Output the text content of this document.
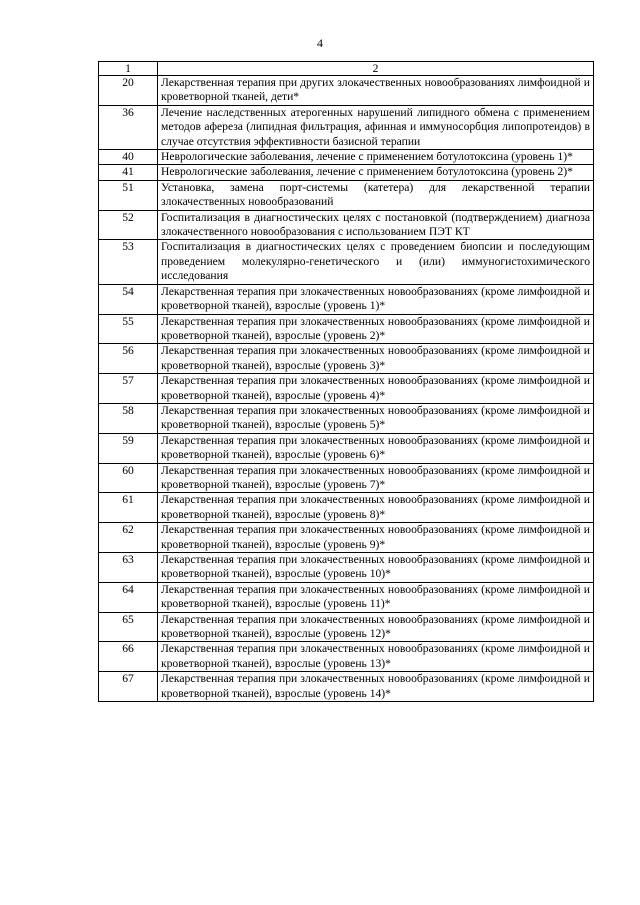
4
1	2
20	Лекарственная терапия при других злокачественных новообразованиях лимфоидной и кроветворной тканей, дети*
36	Лечение наследственных атерогенных нарушений липидного обмена с применением методов афереза (липидная фильтрация, афинная и иммуносорбция липопротеидов) в случае отсутствия эффективности базисной терапии
40	Неврологические заболевания, лечение с применением ботулотоксина (уровень 1)*
41	Неврологические заболевания, лечение с применением ботулотоксина (уровень 2)*
51	Установка, замена порт-системы (катетера) для лекарственной терапии злокачественных новообразований
52	Госпитализация в диагностических целях с постановкой (подтверждением) диагноза злокачественного новообразования с использованием ПЭТ КТ
53	Госпитализация в диагностических целях с проведением биопсии и последующим проведением молекулярно-генетического и (или) иммуногистохимического исследования
54	Лекарственная терапия при злокачественных новообразованиях (кроме лимфоидной и кроветворной тканей), взрослые (уровень 1)*
55	Лекарственная терапия при злокачественных новообразованиях (кроме лимфоидной и кроветворной тканей), взрослые (уровень 2)*
56	Лекарственная терапия при злокачественных новообразованиях (кроме лимфоидной и кроветворной тканей), взрослые (уровень 3)*
57	Лекарственная терапия при злокачественных новообразованиях (кроме лимфоидной и кроветворной тканей), взрослые (уровень 4)*
58	Лекарственная терапия при злокачественных новообразованиях (кроме лимфоидной и кроветворной тканей), взрослые (уровень 5)*
59	Лекарственная терапия при злокачественных новообразованиях (кроме лимфоидной и кроветворной тканей), взрослые (уровень 6)*
60	Лекарственная терапия при злокачественных новообразованиях (кроме лимфоидной и кроветворной тканей), взрослые (уровень 7)*
61	Лекарственная терапия при злокачественных новообразованиях (кроме лимфоидной и кроветворной тканей), взрослые (уровень 8)*
62	Лекарственная терапия при злокачественных новообразованиях (кроме лимфоидной и кроветворной тканей), взрослые (уровень 9)*
63	Лекарственная терапия при злокачественных новообразованиях (кроме лимфоидной и кроветворной тканей), взрослые (уровень 10)*
64	Лекарственная терапия при злокачественных новообразованиях (кроме лимфоидной и кроветворной тканей), взрослые (уровень 11)*
65	Лекарственная терапия при злокачественных новообразованиях (кроме лимфоидной и кроветворной тканей), взрослые (уровень 12)*
66	Лекарственная терапия при злокачественных новообразованиях (кроме лимфоидной и кроветворной тканей), взрослые (уровень 13)*
67	Лекарственная терапия при злокачественных новообразованиях (кроме лимфоидной и кроветворной тканей), взрослые (уровень 14)*
